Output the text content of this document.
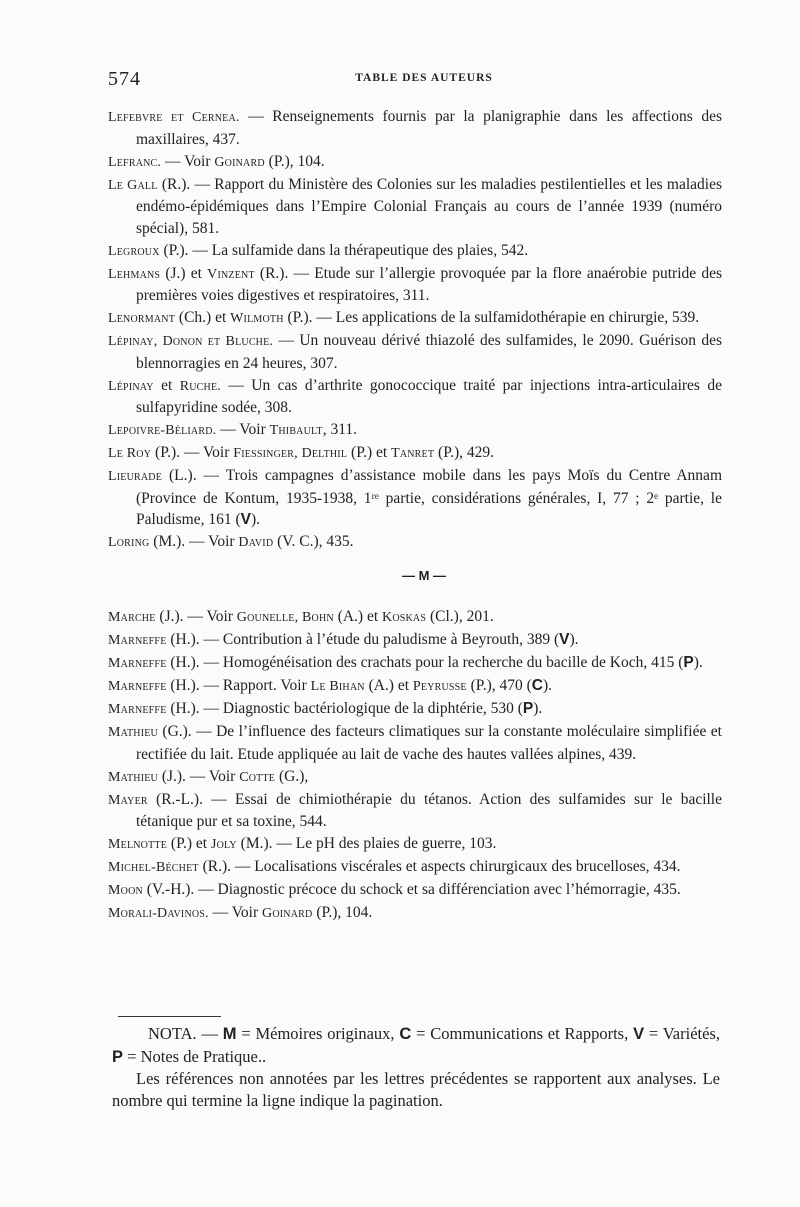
574	TABLE DES AUTEURS
Lefebvre et Cernea. — Renseignements fournis par la planigraphie dans les affections des maxillaires, 437.
Lefranc. — Voir Goinard (P.), 104.
Le Gall (R.). — Rapport du Ministère des Colonies sur les maladies pestilentielles et les maladies endémo-épidémiques dans l’Empire Colonial Français au cours de l’année 1939 (numéro spécial), 581.
Legroux (P.). — La sulfamide dans la thérapeutique des plaies, 542.
Lehmans (J.) et Vinzent (R.). — Etude sur l’allergie provoquée par la flore anaérobie putride des premières voies digestives et respiratoires, 311.
Lenormant (Ch.) et Wilmoth (P.). — Les applications de la sulfamidothérapie en chirurgie, 539.
Lépinay, Donon et Bluche. — Un nouveau dérivé thiazolé des sulfamides, le 2090. Guérison des blennorragies en 24 heures, 307.
Lépinay et Ruche. — Un cas d’arthrite gonococcique traité par injections intra-articulaires de sulfapyridine sodée, 308.
Lepoivre-Béliard. — Voir Thibault, 311.
Le Roy (P.). — Voir Fiessinger, Delthil (P.) et Tanret (P.), 429.
Lieurade (L.). — Trois campagnes d’assistance mobile dans les pays Moïs du Centre Annam (Province de Kontum, 1935-1938, 1ʳᵉ partie, considérations générales, I, 77 ; 2ᵉ partie, le Paludisme, 161 (V).
Loring (M.). — Voir David (V. C.), 435.
— M —
Marche (J.). — Voir Gounelle, Bohn (A.) et Koskas (Cl.), 201.
Marneffe (H.). — Contribution à l’étude du paludisme à Beyrouth, 389 (V).
Marneffe (H.). — Homogénéisation des crachats pour la recherche du bacille de Koch, 415 (P).
Marneffe (H.). — Rapport. Voir Le Bihan (A.) et Peyrusse (P.), 470 (C).
Marneffe (H.). — Diagnostic bactériologique de la diphtérie, 530 (P).
Mathieu (G.). — De l’influence des facteurs climatiques sur la constante moléculaire simplifiée et rectifiée du lait. Etude appliquée au lait de vache des hautes vallées alpines, 439.
Mathieu (J.). — Voir Cotte (G.),
Mayer (R.-L.). — Essai de chimiothérapie du tétanos. Action des sulfamides sur le bacille tétanique pur et sa toxine, 544.
Melnotte (P.) et Joly (M.). — Le pH des plaies de guerre, 103.
Michel-Béchet (R.). — Localisations viscérales et aspects chirurgicaux des brucelloses, 434.
Moon (V.-H.). — Diagnostic précoce du schock et sa différenciation avec l’hémorragie, 435.
Morali-Davinos. — Voir Goinard (P.), 104.

NOTA. — M = Mémoires originaux, C = Communications et Rapports, V = Variétés, P = Notes de Pratique..

Les références non annotées par les lettres précédentes se rapportent aux analyses. Le nombre qui termine la ligne indique la pagination.
